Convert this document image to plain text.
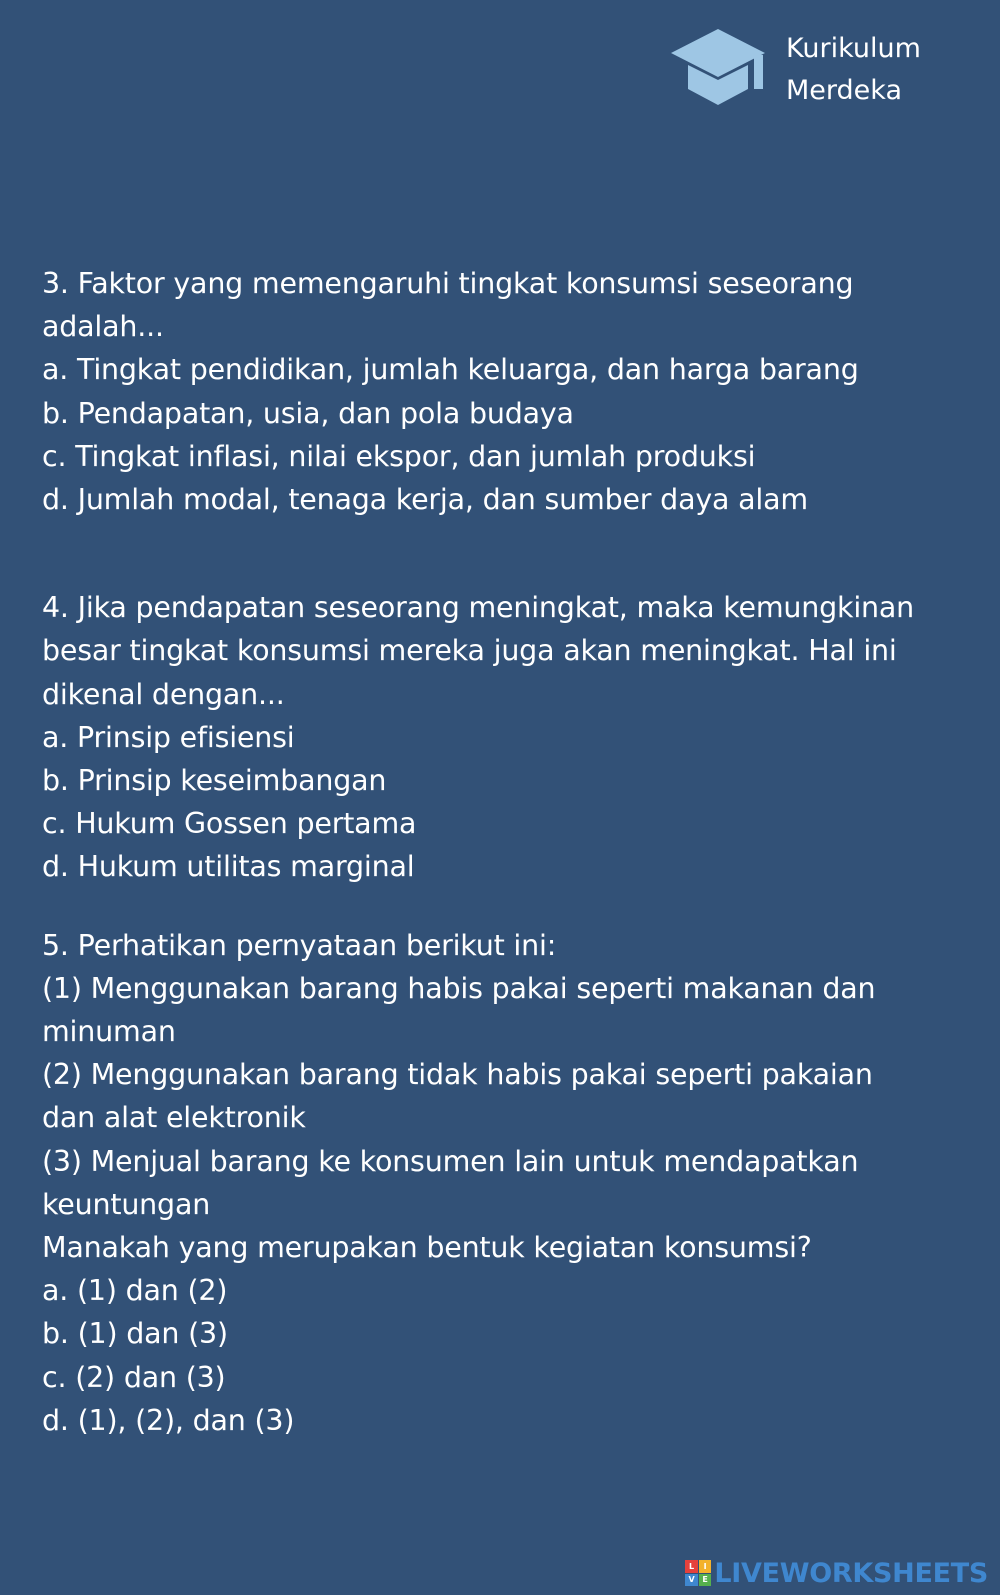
Kurikulum
Merdeka
3. Faktor yang memengaruhi tingkat konsumsi seseorang
adalah...
a. Tingkat pendidikan, jumlah keluarga, dan harga barang
b. Pendapatan, usia, dan pola budaya
c. Tingkat inflasi, nilai ekspor, dan jumlah produksi
d. Jumlah modal, tenaga kerja, dan sumber daya alam
4. Jika pendapatan seseorang meningkat, maka kemungkinan
besar tingkat konsumsi mereka juga akan meningkat. Hal ini
dikenal dengan...
a. Prinsip efisiensi
b. Prinsip keseimbangan
c. Hukum Gossen pertama
d. Hukum utilitas marginal
5. Perhatikan pernyataan berikut ini:
(1) Menggunakan barang habis pakai seperti makanan dan
minuman
(2) Menggunakan barang tidak habis pakai seperti pakaian
dan alat elektronik
(3) Menjual barang ke konsumen lain untuk mendapatkan
keuntungan
Manakah yang merupakan bentuk kegiatan konsumsi?
a. (1) dan (2)
b. (1) dan (3)
c. (2) dan (3)
d. (1), (2), dan (3)
L	I
V E LIVEWORKSHEETS
